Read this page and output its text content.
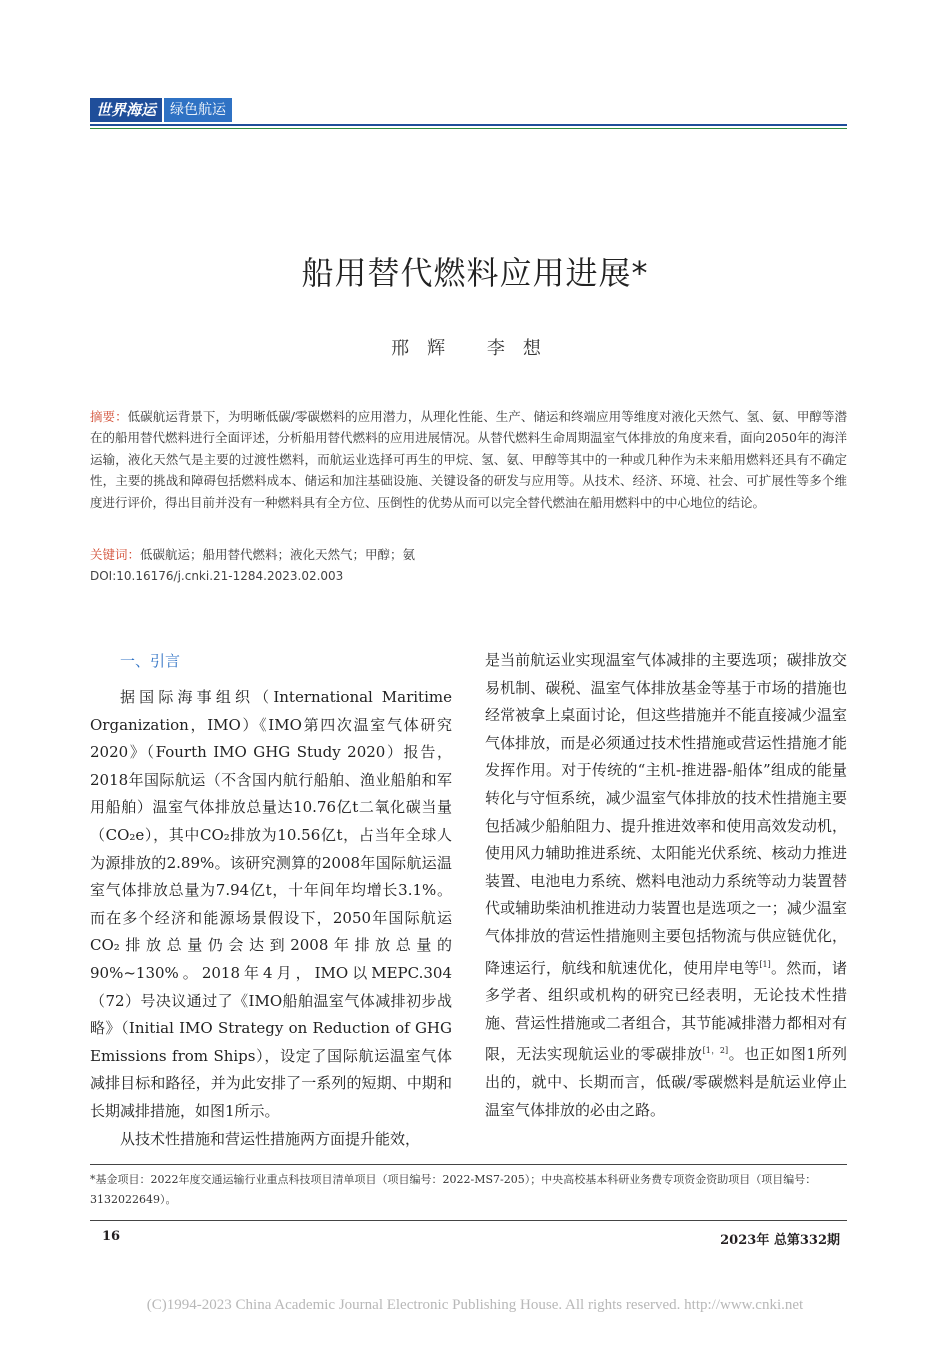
世界海运	绿色航运
船用替代燃料应用进展*
邢辉 李想
摘要：低碳航运背景下，为明晰低碳/零碳燃料的应用潜力，从理化性能、生产、储运和终端应用等维度对液化天然气、氢、氨、甲醇等潜在的船用替代燃料进行全面评述，分析船用替代燃料的应用进展情况。从替代燃料生命周期温室气体排放的角度来看，面向2050年的海洋运输，液化天然气是主要的过渡性燃料，而航运业选择可再生的甲烷、氢、氨、甲醇等其中的一种或几种作为未来船用燃料还具有不确定性，主要的挑战和障碍包括燃料成本、储运和加注基础设施、关键设备的研发与应用等。从技术、经济、环境、社会、可扩展性等多个维度进行评价，得出目前并没有一种燃料具有全方位、压倒性的优势从而可以完全替代燃油在船用燃料中的中心地位的结论。
关键词：低碳航运；船用替代燃料；液化天然气；甲醇；氨
DOI:10.16176/j.cnki.21-1284.2023.02.003
一、引言

据国际海事组织（International Maritime Organization，IMO）《IMO第四次温室气体研究2020》（Fourth IMO GHG Study 2020）报告，2018年国际航运（不含国内航行船舶、渔业船舶和军用船舶）温室气体排放总量达10.76亿t二氧化碳当量（CO₂e），其中CO₂排放为10.56亿t，占当年全球人为源排放的2.89%。该研究测算的2008年国际航运温室气体排放总量为7.94亿t，十年间年均增长3.1%。而在多个经济和能源场景假设下，2050年国际航运CO₂排放总量仍会达到2008年排放总量的90%~130%。2018年4月，IMO以MEPC.304（72）号决议通过了《IMO船舶温室气体减排初步战略》（Initial IMO Strategy on Reduction of GHG Emissions from Ships），设定了国际航运温室气体减排目标和路径，并为此安排了一系列的短期、中期和长期减排措施，如图1所示。

从技术性措施和营运性措施两方面提升能效，

是当前航运业实现温室气体减排的主要选项；碳排放交易机制、碳税、温室气体排放基金等基于市场的措施也经常被拿上桌面讨论，但这些措施并不能直接减少温室气体排放，而是必须通过技术性措施或营运性措施才能发挥作用。对于传统的“主机-推进器-船体”组成的能量转化与守恒系统，减少温室气体排放的技术性措施主要包括减少船舶阻力、提升推进效率和使用高效发动机，使用风力辅助推进系统、太阳能光伏系统、核动力推进装置、电池电力系统、燃料电池动力系统等动力装置替代或辅助柴油机推进动力装置也是选项之一；减少温室气体排放的营运性措施则主要包括物流与供应链优化，降速运行，航线和航速优化，使用岸电等[1]。然而，诸多学者、组织或机构的研究已经表明，无论技术性措施、营运性措施或二者组合，其节能减排潜力都相对有限，无法实现航运业的零碳排放[1，2]。也正如图1所列出的，就中、长期而言，低碳/零碳燃料是航运业停止温室气体排放的必由之路。

*基金项目：2022年度交通运输行业重点科技项目清单项目（项目编号：2022-MS7-205）；中央高校基本科研业务费专项资金资助项目（项目编号：3132022649）。
16	2023年 总第332期
(C)1994-2023 China Academic Journal Electronic Publishing House. All rights reserved. http://www.cnki.net
